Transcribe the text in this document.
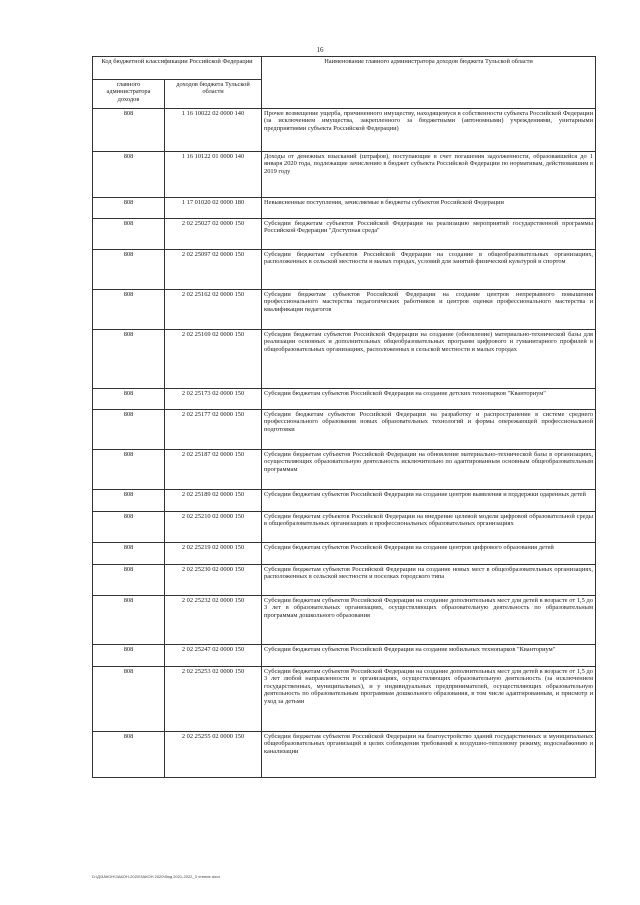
16
Код бюджетной классификации Российской Федерации		Наименование главного администратора доходов бюджета Тульской области
главного администратора доходов	доходов бюджета Тульской области	
808	1 16 10022 02 0000 140	Прочее возмещение ущерба, причиненного имуществу, находящемуся в собственности субъекта Российской Федерации (за исключением имущества, закрепленного за бюджетными (автономными) учреждениями, унитарными предприятиями субъекта Российской Федерации)
808	1 16 10122 01 0000 140	Доходы от денежных взысканий (штрафов), поступающие в счет погашения задолженности, образовавшейся до 1 января 2020 года, подлежащие зачислению в бюджет субъекта Российской Федерации по нормативам, действовавшим в 2019 году
808	1 17 01020 02 0000 180	Невыясненные поступления, зачисляемые в бюджеты субъектов Российской Федерации
808	2 02 25027 02 0000 150	Субсидии бюджетам субъектов Российской Федерации на реализацию мероприятий государственной программы Российской Федерации "Доступная среда"
808	2 02 25097 02 0000 150	Субсидии бюджетам субъектов Российской Федерации на создание в общеобразовательных организациях, расположенных в сельской местности и малых городах, условий для занятий физической культурой и спортом
808	2 02 25162 02 0000 150	Субсидии бюджетам субъектов Российской Федерации на создание центров непрерывного повышения профессионального мастерства педагогических работников и центров оценки профессионального мастерства и квалификации педагогов
808	2 02 25169 02 0000 150	Субсидии бюджетам субъектов Российской Федерации на создание (обновление) материально-технической базы для реализации основных и дополнительных общеобразовательных программ цифрового и гуманитарного профилей в общеобразовательных организациях, расположенных в сельской местности и малых городах
808	2 02 25173 02 0000 150	Субсидии бюджетам субъектов Российской Федерации на создание детских технопарков "Кванториум"
808	2 02 25177 02 0000 150	Субсидии бюджетам субъектов Российской Федерации на разработку и распространение в системе среднего профессионального образования новых образовательных технологий и формы опережающей профессиональной подготовки
808	2 02 25187 02 0000 150	Субсидии бюджетам субъектов Российской Федерации на обновление материально-технической базы в организациях, осуществляющих образовательную деятельность исключительно по адаптированным основным общеобразовательным программам
808	2 02 25189 02 0000 150	Субсидии бюджетам субъектов Российской Федерации на создание центров выявления и поддержки одаренных детей
808	2 02 25210 02 0000 150	Субсидии бюджетам субъектов Российской Федерации на внедрение целевой модели цифровой образовательной среды в общеобразовательных организациях и профессиональных образовательных организациях
808	2 02 25219 02 0000 150	Субсидии бюджетам субъектов Российской Федерации на создание центров цифрового образования детей
808	2 02 25230 02 0000 150	Субсидии бюджетам субъектов Российской Федерации на создание новых мест в общеобразовательных организациях, расположенных в сельской местности и поселках городского типа
808	2 02 25232 02 0000 150	Субсидии бюджетам субъектов Российской Федерации на создание дополнительных мест для детей в возрасте от 1,5 до 3 лет в образовательных организациях, осуществляющих образовательную деятельность по образовательным программам дошкольного образования
808	2 02 25247 02 0000 150	Субсидии бюджетам субъектов Российской Федерации на создание мобильных технопарков "Кванториум"
808	2 02 25253 02 0000 150	Субсидии бюджетам субъектов Российской Федерации на создание дополнительных мест для детей в возрасте от 1,5 до 3 лет любой направленности в организациях, осуществляющих образовательную деятельность (за исключением государственных, муниципальных), и у индивидуальных предпринимателей, осуществляющих образовательную деятельность по образовательным программам дошкольного образования, в том числе адаптированным, и присмотр и уход за детьми
808	2 02 25255 02 0000 150	Субсидии бюджетам субъектов Российской Федерации на благоустройство зданий государственных и муниципальных общеобразовательных организаций в целях соблюдения требований к воздушно-тепловому режиму, водоснабжению и канализации
D:\Д\ЗАКОН\ЗАКОН-2020\ЗАКОН 2020\бюд 2021-2022_3 чтение.docx
